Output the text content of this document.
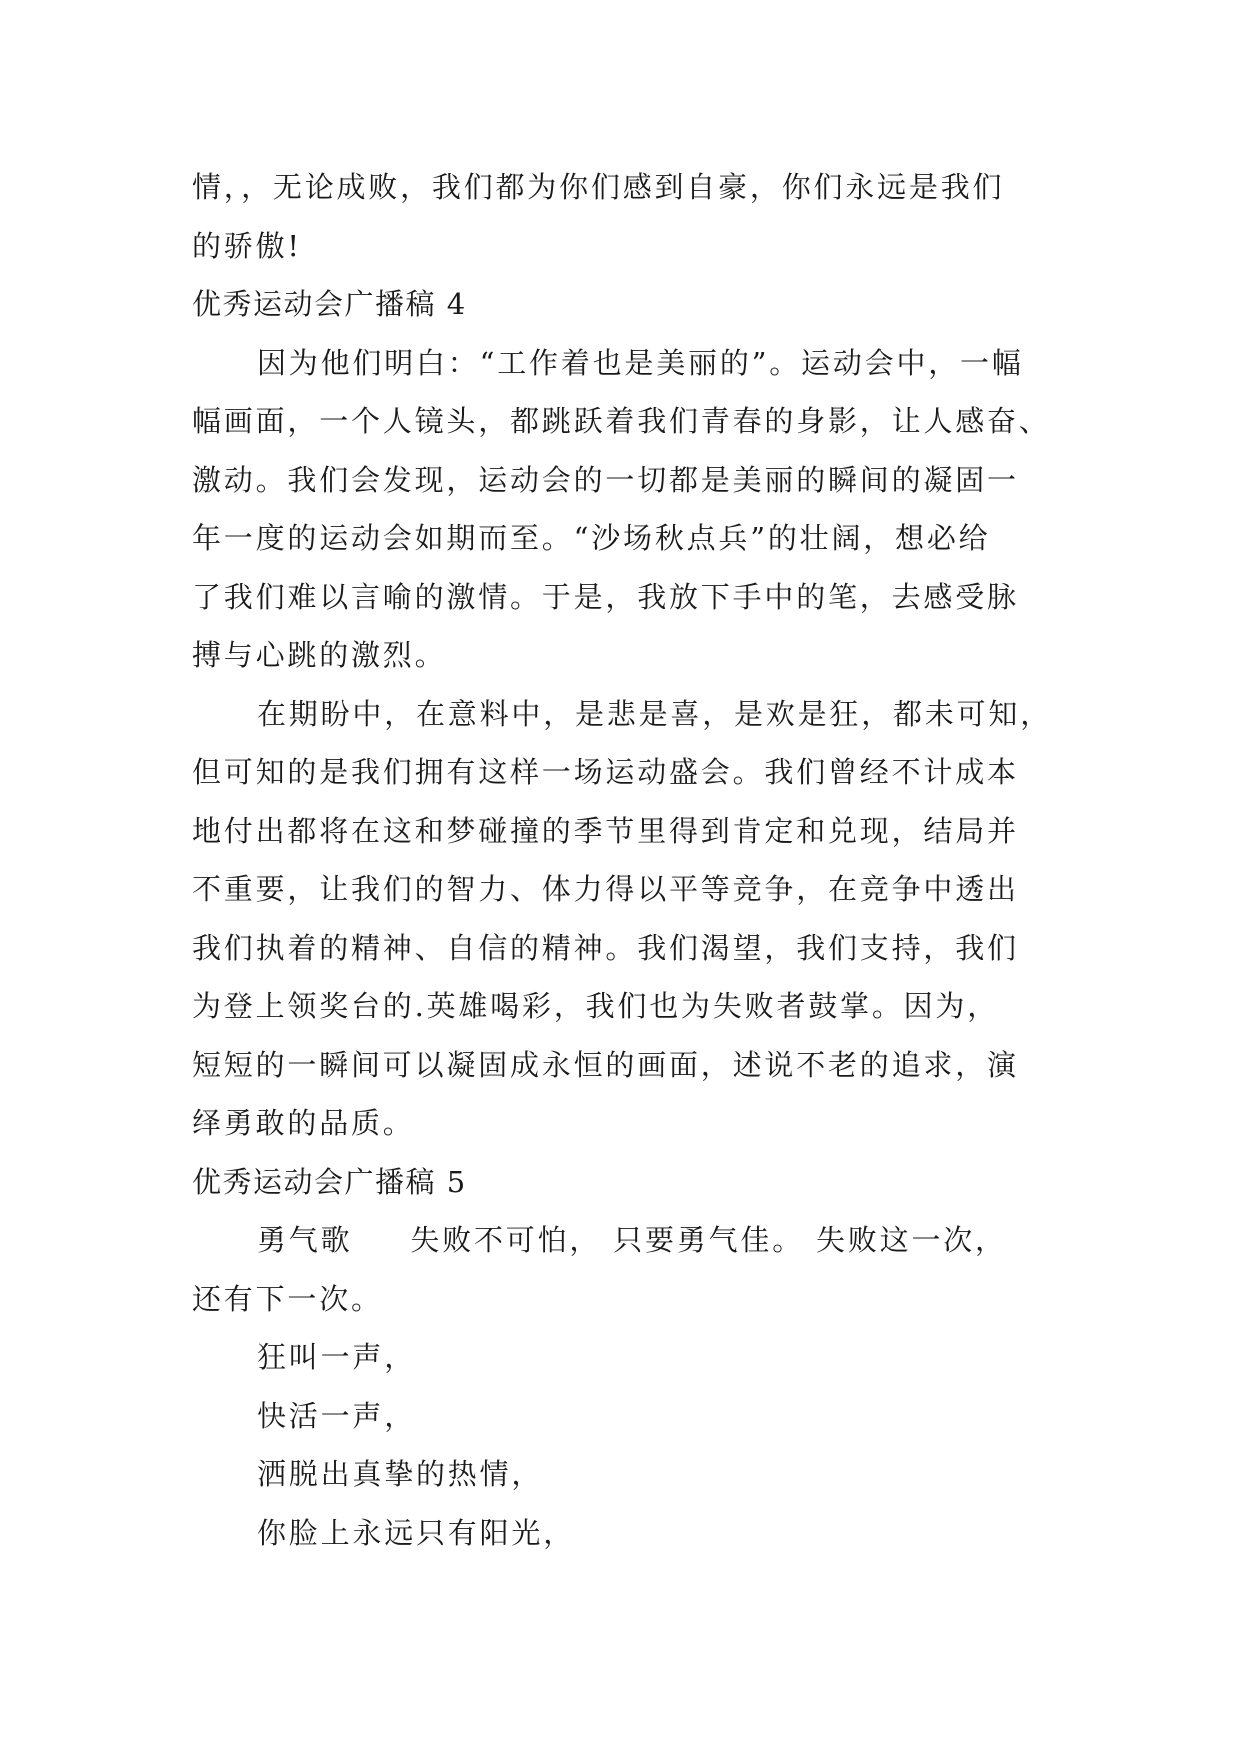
情，，无论成败，我们都为你们感到自豪，你们永远是我们
的骄傲!
优秀运动会广播稿 4
因为他们明白：“工作着也是美丽的”。运动会中，一幅
幅画面，一个人镜头，都跳跃着我们青春的身影，让人感奋、
激动。我们会发现，运动会的一切都是美丽的瞬间的凝固一
年一度的运动会如期而至。“沙场秋点兵”的壮阔，想必给
了我们难以言喻的激情。于是，我放下手中的笔，去感受脉
搏与心跳的激烈。
在期盼中，在意料中，是悲是喜，是欢是狂，都未可知，
但可知的是我们拥有这样一场运动盛会。我们曾经不计成本
地付出都将在这和梦碰撞的季节里得到肯定和兑现，结局并
不重要，让我们的智力、体力得以平等竞争，在竞争中透出
我们执着的精神、自信的精神。我们渴望，我们支持，我们
为登上领奖台的.英雄喝彩，我们也为失败者鼓掌。因为，
短短的一瞬间可以凝固成永恒的画面，述说不老的追求，演
绎勇敢的品质。
优秀运动会广播稿 5
勇气歌 失败不可怕， 只要勇气佳。 失败这一次，
还有下一次。
狂叫一声，
快活一声，
洒脱出真挚的热情，
你脸上永远只有阳光，
